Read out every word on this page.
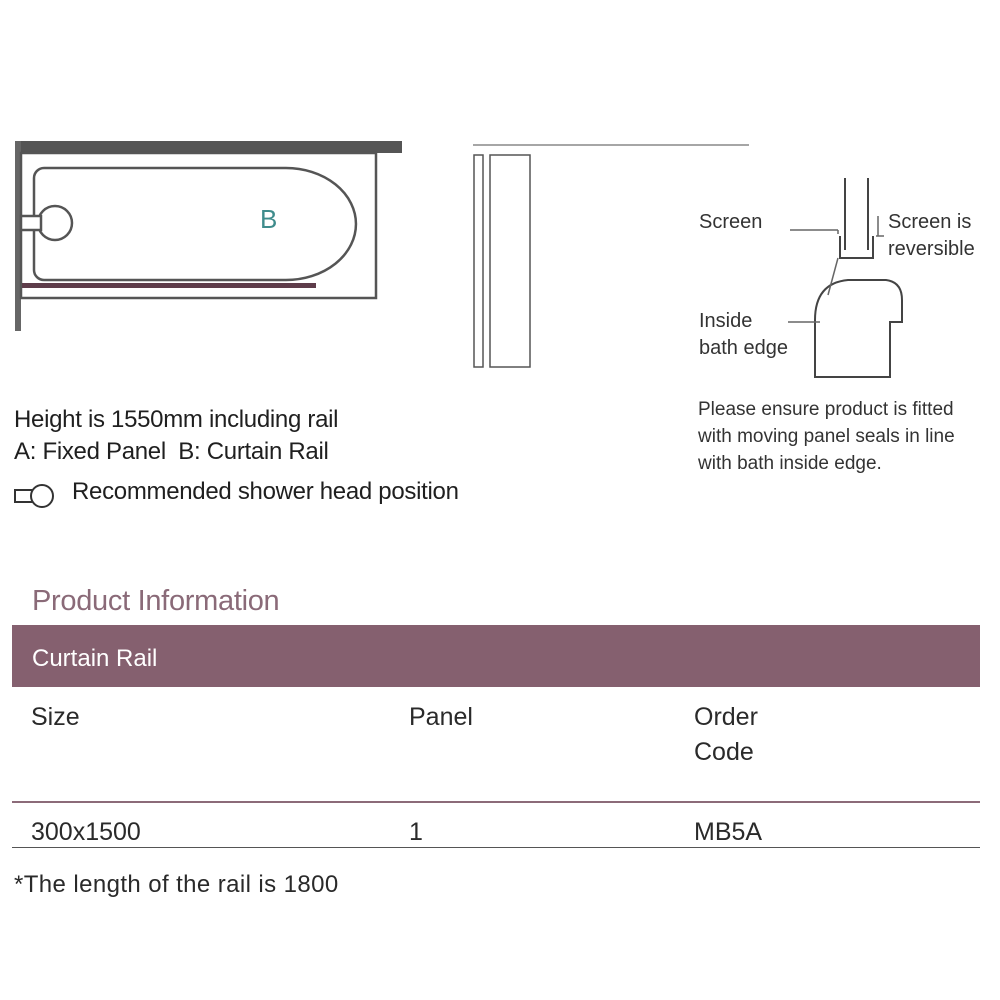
B	Screen	Screen is
reversible
Inside
bath edge
Please ensure product is fitted
with moving panel seals in line
with bath inside edge.
Height is 1550mm including rail
A: Fixed Panel B: Curtain Rail
Recommended shower head position
Product Information
Curtain Rail
Size	Panel	Order
Code
300x1500	1	MB5A
*The length of the rail is 1800
